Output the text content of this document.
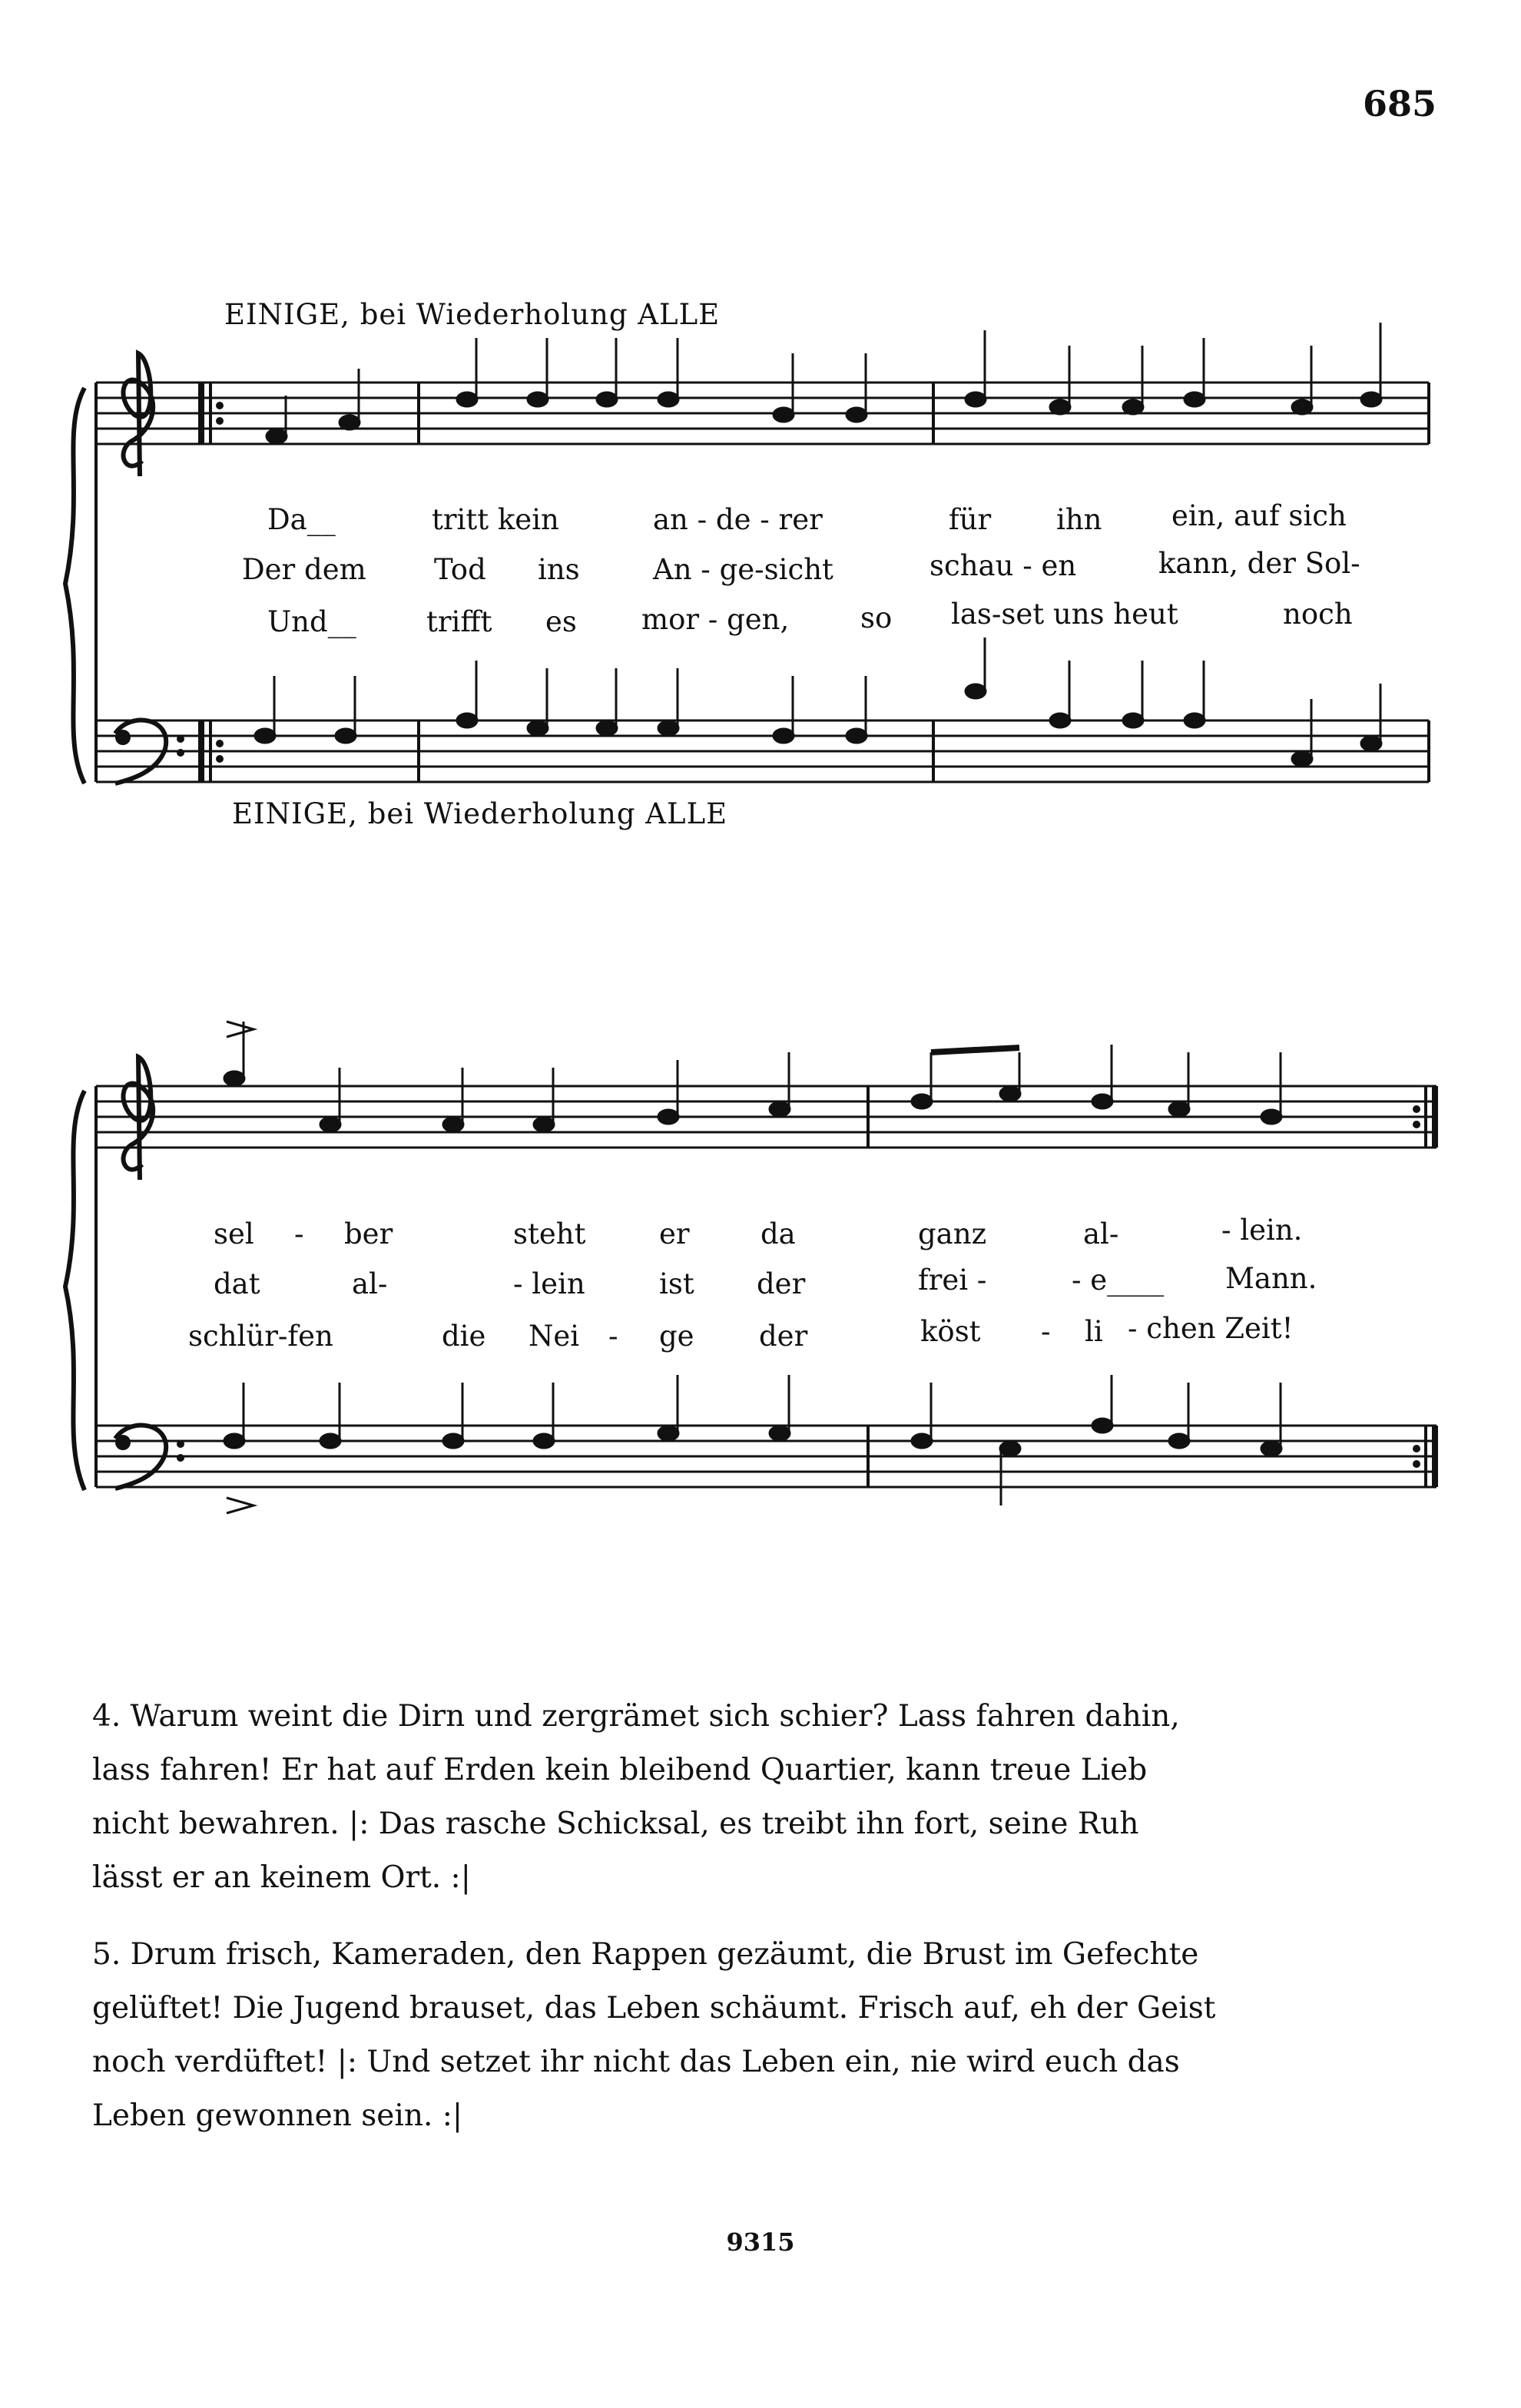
685
EINIGE, bei Wiederholung ALLE
Da__	tritt kein	an - de - rer	für ihn ein, auf sich
Der dem Tod ins	An - ge-sicht	schau - en	kann, der Sol-
Und__ trifft es mor - gen,	so las-set uns heut	noch
EINIGE, bei Wiederholung ALLE
sel - ber	steht	er da	ganz	al-	- lein.
dat	al-	- lein	ist der	frei -	- e____ Mann.
schlür-fen	die Nei - ge der	köst - li - chen Zeit!
4. Warum weint die Dirn und zergrämet sich schier? Lass fahren dahin,
lass fahren! Er hat auf Erden kein bleibend Quartier, kann treue Lieb
nicht bewahren. |: Das rasche Schicksal, es treibt ihn fort, seine Ruh
lässt er an keinem Ort. :|
5. Drum frisch, Kameraden, den Rappen gezäumt, die Brust im Gefechte
gelüftet! Die Jugend brauset, das Leben schäumt. Frisch auf, eh der Geist
noch verdüftet! |: Und setzet ihr nicht das Leben ein, nie wird euch das
Leben gewonnen sein. :|
9315
